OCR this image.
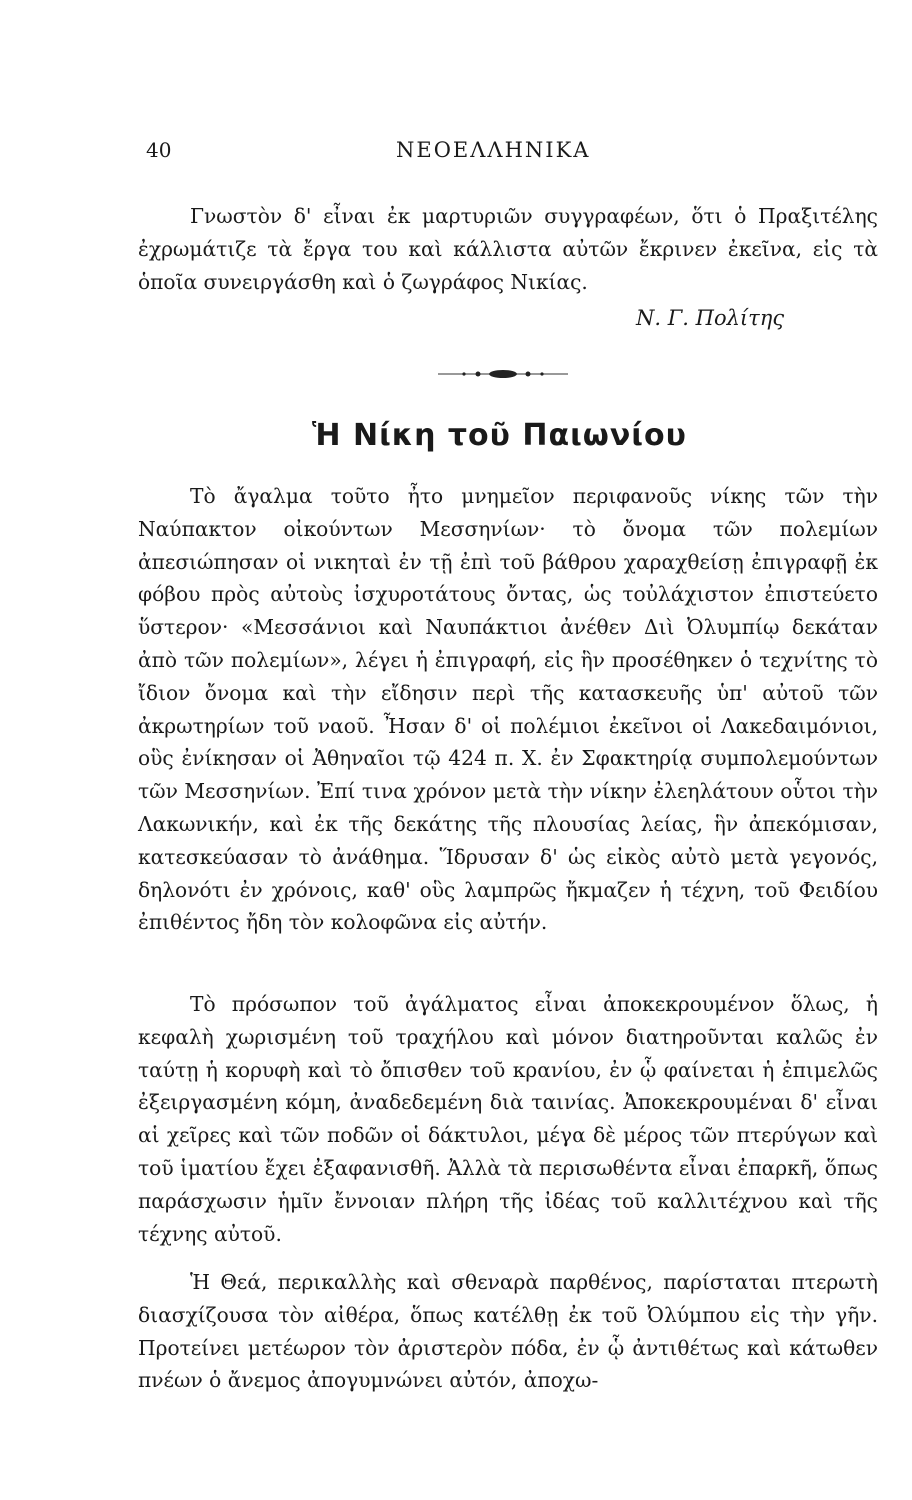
40	ΝΕΟΕΛΛΗΝΙΚΑ

Γνωστὸν δ' εἶναι ἐκ μαρτυριῶν συγγραφέων, ὅτι ὁ Πραξιτέλης ἐχρωμάτιζε τὰ ἔργα του καὶ κάλλιστα αὐτῶν ἔκρινεν ἐκεῖνα, εἰς τὰ ὁποῖα συνειργάσθη καὶ ὁ ζωγράφος Νικίας.

Ν. Γ. Πολίτης
Ἡ Νίκη τοῦ Παιωνίου

Τὸ ἄγαλμα τοῦτο ἦτο μνημεῖον περιφανοῦς νίκης τῶν τὴν Ναύπακτον οἰκούντων Μεσσηνίων· τὸ ὄνομα τῶν πολεμίων ἀπεσιώπησαν οἱ νικηταὶ ἐν τῇ ἐπὶ τοῦ βάθρου χαραχθείσῃ ἐπιγραφῇ ἐκ φόβου πρὸς αὐτοὺς ἰσχυροτάτους ὄντας, ὡς τοὐλάχιστον ἐπιστεύετο ὕστερον· «Μεσσάνιοι καὶ Ναυπάκτιοι ἀνέθεν Διὶ Ὀλυμπίῳ δεκάταν ἀπὸ τῶν πολεμίων», λέγει ἡ ἐπιγραφή, εἰς ἣν προσέθηκεν ὁ τεχνίτης τὸ ἴδιον ὄνομα καὶ τὴν εἴδησιν περὶ τῆς κατασκευῆς ὑπ' αὐτοῦ τῶν ἀκρωτηρίων τοῦ ναοῦ. Ἦσαν δ' οἱ πολέμιοι ἐκεῖνοι οἱ Λακεδαιμόνιοι, οὓς ἐνίκησαν οἱ Ἀθηναῖοι τῷ 424 π. Χ. ἐν Σφακτηρίᾳ συμπολεμούντων τῶν Μεσσηνίων. Ἐπί τινα χρόνον μετὰ τὴν νίκην ἐλεηλάτουν οὗτοι τὴν Λακωνικήν, καὶ ἐκ τῆς δεκάτης τῆς πλουσίας λείας, ἣν ἀπεκόμισαν, κατεσκεύασαν τὸ ἀνάθημα. Ἵδρυσαν δ' ὡς εἰκὸς αὐτὸ μετὰ γεγονός, δηλονότι ἐν χρόνοις, καθ' οὓς λαμπρῶς ἤκμαζεν ἡ τέχνη, τοῦ Φειδίου ἐπιθέντος ἤδη τὸν κολοφῶνα εἰς αὐτήν.

Τὸ πρόσωπον τοῦ ἀγάλματος εἶναι ἀποκεκρουμένον ὅλως, ἡ κεφαλὴ χωρισμένη τοῦ τραχήλου καὶ μόνον διατηροῦνται καλῶς ἐν ταύτῃ ἡ κορυφὴ καὶ τὸ ὄπισθεν τοῦ κρανίου, ἐν ᾧ φαίνεται ἡ ἐπιμελῶς ἐξειργασμένη κόμη, ἀναδεδεμένη διὰ ταινίας. Ἀποκεκρουμέναι δ' εἶναι αἱ χεῖρες καὶ τῶν ποδῶν οἱ δάκτυλοι, μέγα δὲ μέρος τῶν πτερύγων καὶ τοῦ ἱματίου ἔχει ἐξαφανισθῆ. Ἀλλὰ τὰ περισωθέντα εἶναι ἐπαρκῆ, ὅπως παράσχωσιν ἡμῖν ἔννοιαν πλήρη τῆς ἰδέας τοῦ καλλιτέχνου καὶ τῆς τέχνης αὐτοῦ.

Ἡ Θεά, περικαλλὴς καὶ σθεναρὰ παρθένος, παρίσταται πτερωτὴ διασχίζουσα τὸν αἰθέρα, ὅπως κατέλθῃ ἐκ τοῦ Ὀλύμπου εἰς τὴν γῆν. Προτείνει μετέωρον τὸν ἀριστερὸν πόδα, ἐν ᾧ ἀντιθέτως καὶ κάτωθεν πνέων ὁ ἄνεμος ἀπογυμνώνει αὐτόν, ἀποχω-
